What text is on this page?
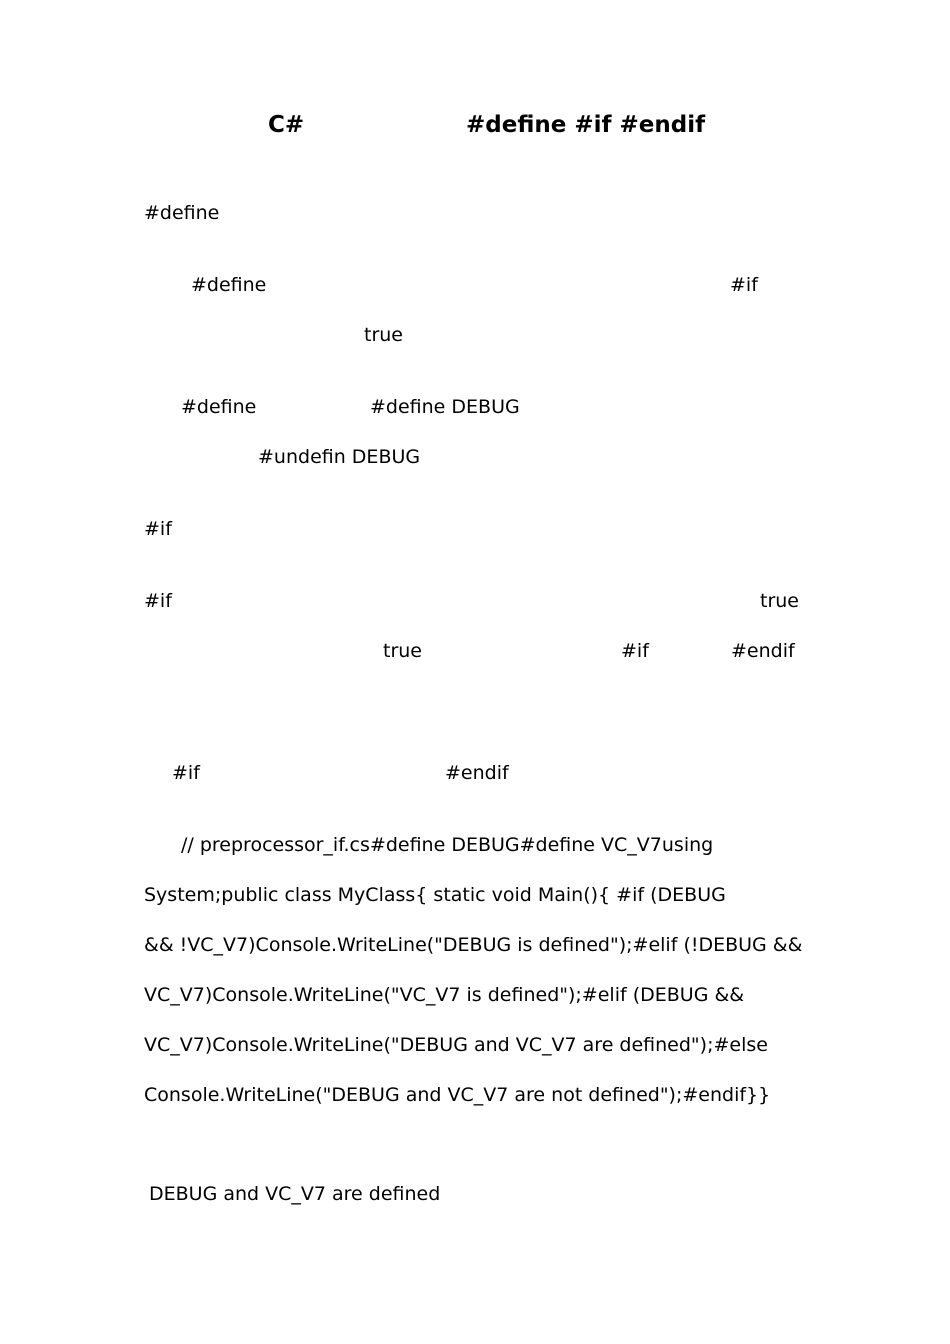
C#	#define #if #endif
#define
#define	#if
true
#define	#define DEBUG
#undefin DEBUG
#if
#if	true
true	#if	#endif
#if	#endif
// preprocessor_if.cs#define DEBUG#define VC_V7using
System;public class MyClass{ static void Main(){ #if (DEBUG
&& !VC_V7)Console.WriteLine("DEBUG is defined");#elif (!DEBUG &&
VC_V7)Console.WriteLine("VC_V7 is defined");#elif (DEBUG &&
VC_V7)Console.WriteLine("DEBUG and VC_V7 are defined");#else
Console.WriteLine("DEBUG and VC_V7 are not defined");#endif}}
DEBUG and VC_V7 are defined
